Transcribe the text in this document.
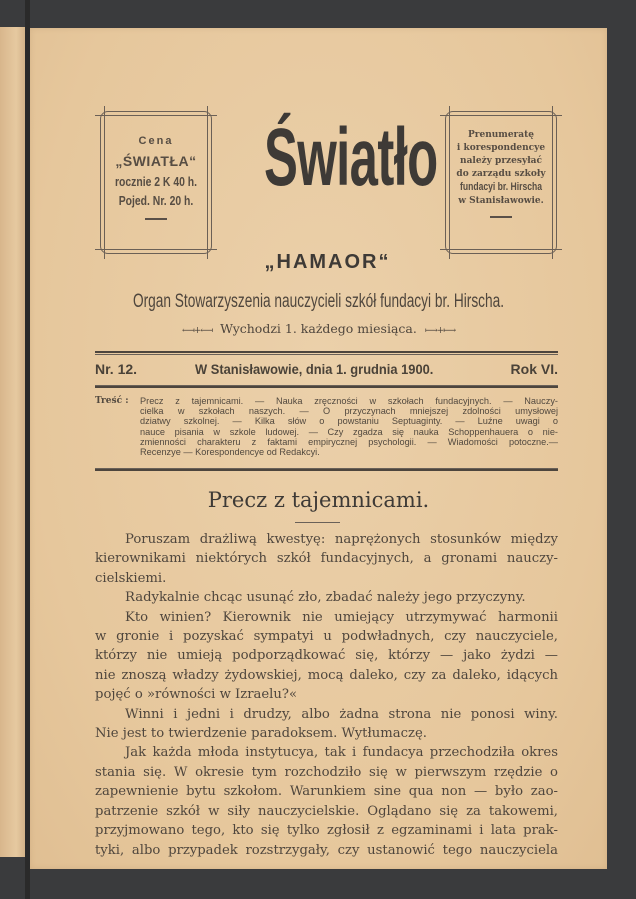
Cena
„ŚWIATŁA“
rocznie 2 K 40 h.
Pojed. Nr. 20 h. Światło
„HAMAOR“
Prenumeratę
i korespondencye
należy przesyłać
do zarządu szkoły
fundacyi br. Hirscha
w Stanisławowie.
Organ Stowarzyszenia nauczycieli szkół fundacyi br. Hirscha.
⟻+⟻ Wychodzi 1. każdego miesiąca. ⟼+⟼
Nr. 12.	W Stanisławowie, dnia 1. grudnia 1900.	Rok VI.
Treść :	Precz z tajemnicami. — Nauka zręczności w szkołach fundacyjnych. — Nauczy-
cielka w szkołach naszych. — O przyczynach mniejszej zdolności umysłowej
dziatwy szkolnej. — Kilka słów o powstaniu Septuaginty. — Luźne uwagi o
nauce pisania w szkole ludowej. — Czy zgadza się nauka Schoppenhauera o nie-
zmienności charakteru z faktami empirycznej psychologii. — Wiadomości potoczne.—
Recenzye — Korespondencye od Redakcyi.
Precz z tajemnicami.
Poruszam drażliwą kwestyę: naprężonych stosunków między
kierownikami niektórych szkół fundacyjnych, a gronami nauczy-
cielskiemi.
Radykalnie chcąc usunąć zło, zbadać należy jego przyczyny.
Kto winien? Kierownik nie umiejący utrzymywać harmonii
w gronie i pozyskać sympatyi u podwładnych, czy nauczyciele,
którzy nie umieją podporządkować się, którzy — jako żydzi —
nie znoszą władzy żydowskiej, mocą daleko, czy za daleko, idących
pojęć o »równości w Izraelu?«
Winni i jedni i drudzy, albo żadna strona nie ponosi winy.
Nie jest to twierdzenie paradoksem. Wytłumaczę.
Jak każda młoda instytucya, tak i fundacya przechodziła okres
stania się. W okresie tym rozchodziło się w pierwszym rzędzie o
zapewnienie bytu szkołom. Warunkiem sine qua non — było zao-
patrzenie szkół w siły nauczycielskie. Oglądano się za takowemi,
przyjmowano tego, kto się tylko zgłosił z egzaminami i lata prak-
tyki, albo przypadek rozstrzygały, czy ustanowić tego nauczyciela
